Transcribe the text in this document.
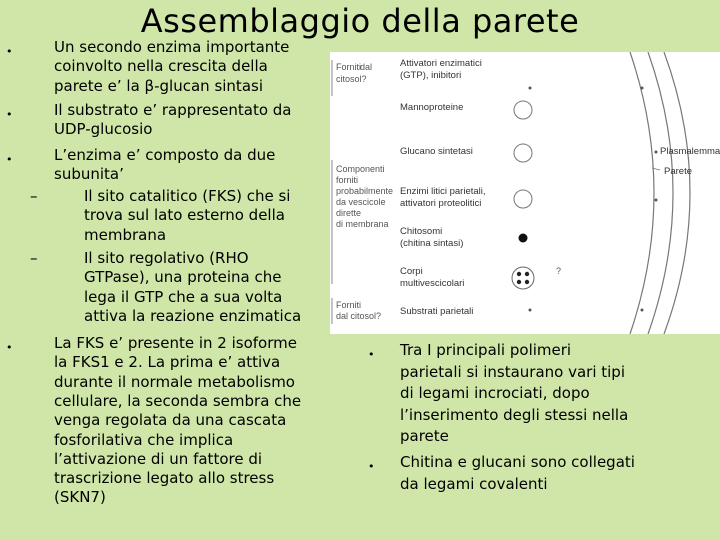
Assemblaggio della parete
•	Un secondo enzima importante
coinvolto nella crescita della
parete e’ la β-glucan sintasi
•	Il substrato e’ rappresentato da
UDP-glucosio
•	L’enzima e’ composto da due
subunita’
–	Il sito catalitico (FKS) che si
trova sul lato esterno della
membrana
–	Il sito regolativo (RHO
GTPase), una proteina che
lega il GTP che a sua volta
attiva la reazione enzimatica
•	La FKS e’ presente in 2 isoforme
la FKS1 e 2. La prima e’ attiva
durante il normale metabolismo
cellulare, la seconda sembra che
venga regolata da una cascata
fosforilativa che implica
l’attivazione di un fattore di
trascrizione legato allo stress
(SKN7)
Forniti dal citosol?
Componenti forniti probabilmente da vescicole dirette di membrana
Forniti dal citosol?
Attivatori enzimatici (GTP), inibitori
Mannoproteine
Glucano sintetasi
Enzimi litici parietali, attivatori proteolitici
Chitosomi (chitina sintasi)
Corpi multivescicolari
Substrati parietali
Plasmalemma
Parete
?
• Tra I principali polimeri
parietali si instaurano vari tipi
di legami incrociati, dopo
l’inserimento degli stessi nella
parete
• Chitina e glucani sono collegati
da legami covalenti
